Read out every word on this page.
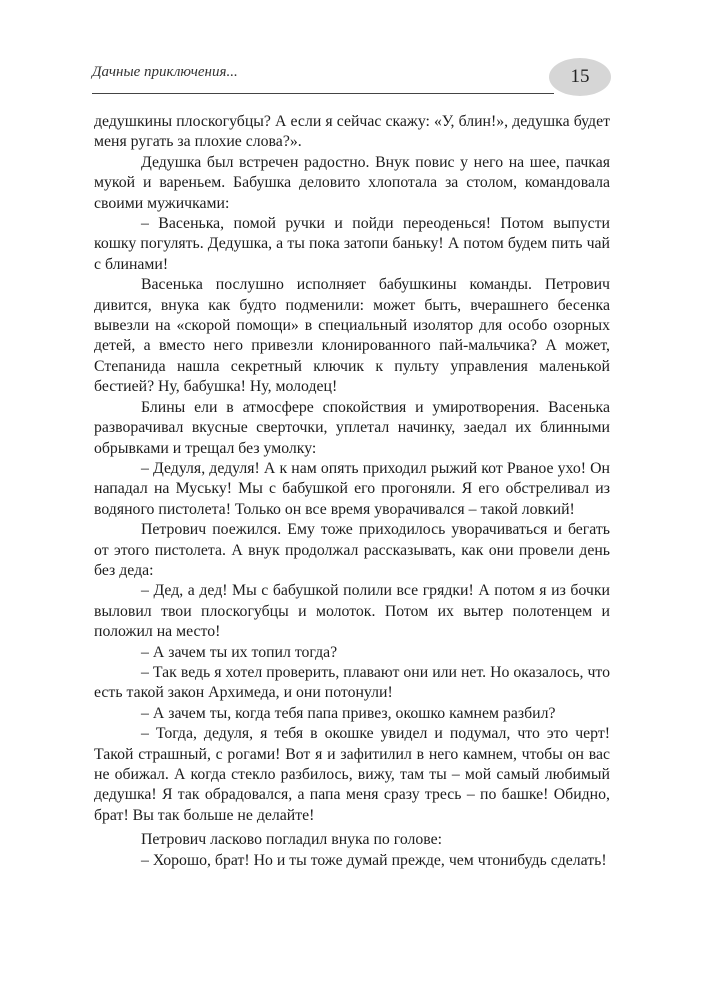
Дачные приключения...	15

дедушкины плоскогубцы? А если я сейчас скажу: «У, блин!», дедушка будет меня ругать за плохие слова?».

Дедушка был встречен радостно. Внук повис у него на шее, пачкая мукой и вареньем. Бабушка деловито хлопотала за столом, командовала своими мужичками:

– Васенька, помой ручки и пойди переоденься! Потом выпусти кошку погулять. Дедушка, а ты пока затопи баньку! А потом будем пить чай с блинами!

Васенька послушно исполняет бабушкины команды. Петрович дивится, внука как будто подменили: может быть, вчерашнего бесенка вывезли на «скорой помощи» в специальный изолятор для особо озорных детей, а вместо него привезли клонированного пай-мальчика? А может, Степанида нашла секретный ключик к пульту управления маленькой бестией? Ну, бабушка! Ну, молодец!

Блины ели в атмосфере спокойствия и умиротворения. Васенька разворачивал вкусные сверточки, уплетал начинку, заедал их блинными обрывками и трещал без умолку:

– Дедуля, дедуля! А к нам опять приходил рыжий кот Рваное ухо! Он нападал на Муську! Мы с бабушкой его прогоняли. Я его обстреливал из водяного пистолета! Только он все время уворачивался – такой ловкий!

Петрович поежился. Ему тоже приходилось уворачиваться и бегать от этого пистолета. А внук продолжал рассказывать, как они провели день без деда:

– Дед, а дед! Мы с бабушкой полили все грядки! А потом я из бочки выловил твои плоскогубцы и молоток. Потом их вытер полотенцем и положил на место!

– А зачем ты их топил тогда?

– Так ведь я хотел проверить, плавают они или нет. Но оказалось, что есть такой закон Архимеда, и они потонули!

– А зачем ты, когда тебя папа привез, окошко камнем разбил?

– Тогда, дедуля, я тебя в окошке увидел и подумал, что это черт! Такой страшный, с рогами! Вот я и зафитилил в него камнем, чтобы он вас не обижал. А когда стекло разбилось, вижу, там ты – мой самый любимый дедушка! Я так обрадовался, а папа меня сразу тресь – по башке! Обидно, брат! Вы так больше не делайте!

Петрович ласково погладил внука по голове:

– Хорошо, брат! Но и ты тоже думай прежде, чем чтонибудь сделать!
